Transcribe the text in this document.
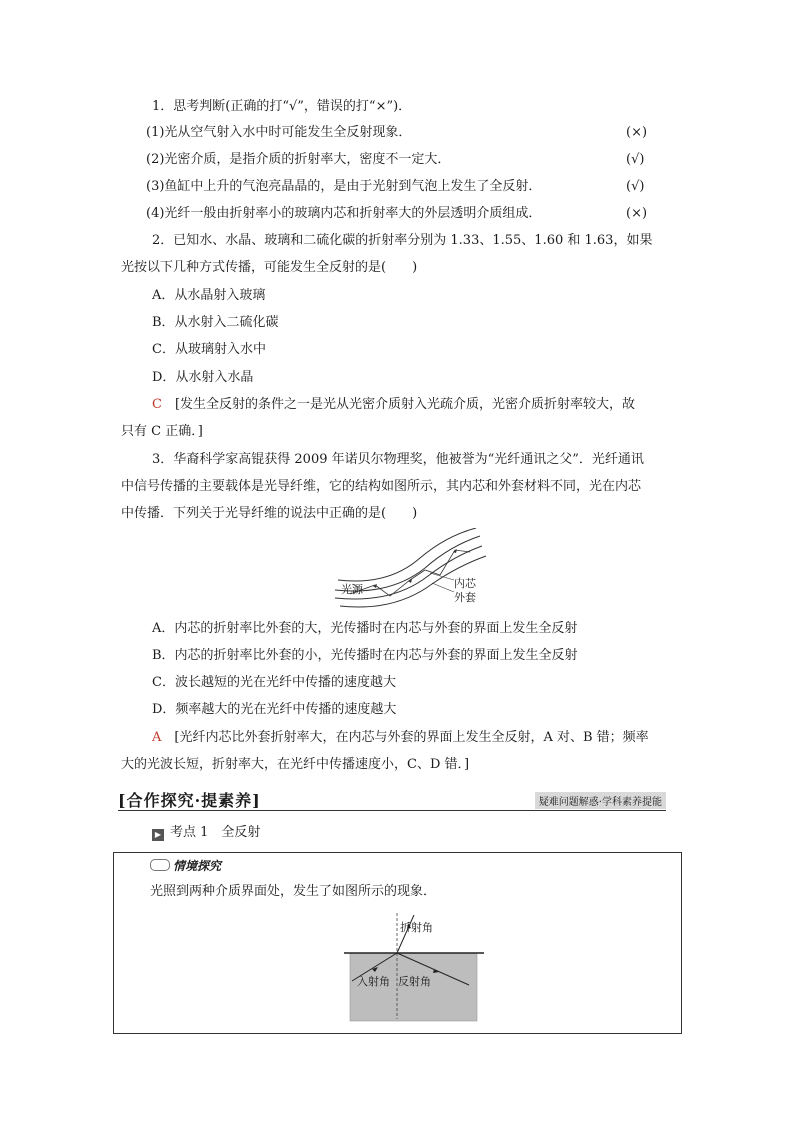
1．思考判断(正确的打“√”，错误的打“×”)．
(1)光从空气射入水中时可能发生全反射现象．	(×)
(2)光密介质，是指介质的折射率大，密度不一定大．	(√)
(3)鱼缸中上升的气泡亮晶晶的，是由于光射到气泡上发生了全反射．	(√)
(4)光纤一般由折射率小的玻璃内芯和折射率大的外层透明介质组成．	(×)
2．已知水、水晶、玻璃和二硫化碳的折射率分别为 1.33、1.55、1.60 和 1.63，如果
光按以下几种方式传播，可能发生全反射的是(　　)
A．从水晶射入玻璃
B．从水射入二硫化碳
C．从玻璃射入水中
D．从水射入水晶
C　[发生全反射的条件之一是光从光密介质射入光疏介质，光密介质折射率较大，故
只有 C 正确．]
3．华裔科学家高锟获得 2009 年诺贝尔物理奖，他被誉为“光纤通讯之父”．光纤通讯
中信号传播的主要载体是光导纤维，它的结构如图所示，其内芯和外套材料不同，光在内芯
中传播．下列关于光导纤维的说法中正确的是(　　)
光源	内芯
外套
A．内芯的折射率比外套的大，光传播时在内芯与外套的界面上发生全反射
B．内芯的折射率比外套的小，光传播时在内芯与外套的界面上发生全反射
C．波长越短的光在光纤中传播的速度越大
D．频率越大的光在光纤中传播的速度越大
A　[光纤内芯比外套折射率大，在内芯与外套的界面上发生全反射，A 对、B 错；频率
大的光波长短，折射率大，在光纤中传播速度小，C、D 错．]
[合作探究·提素养]	疑难问题解惑·学科素养提能
▶ 考点 1　全反射
情境探究
光照到两种介质界面处，发生了如图所示的现象．
折射角
入射角 反射角
